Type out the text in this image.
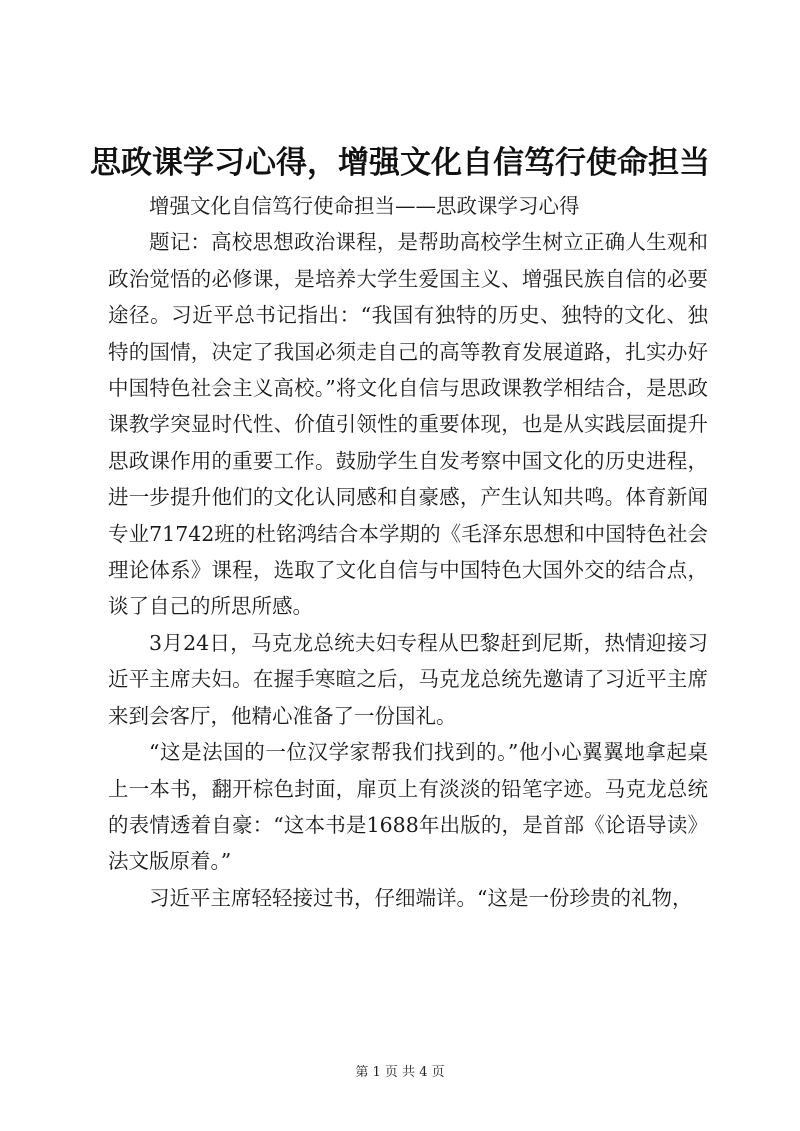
思政课学习心得，增强文化自信笃行使命担当

增强文化自信笃行使命担当——思政课学习心得

题记：高校思想政治课程，是帮助高校学生树立正确人生观和政治觉悟的必修课，是培养大学生爱国主义、增强民族自信的必要途径。习近平总书记指出：“我国有独特的历史、独特的文化、独特的国情，决定了我国必须走自己的高等教育发展道路，扎实办好中国特色社会主义高校。”将文化自信与思政课教学相结合，是思政课教学突显时代性、价值引领性的重要体现，也是从实践层面提升思政课作用的重要工作。鼓励学生自发考察中国文化的历史进程，进一步提升他们的文化认同感和自豪感，产生认知共鸣。体育新闻专业71742班的杜铭鸿结合本学期的《毛泽东思想和中国特色社会理论体系》课程，选取了文化自信与中国特色大国外交的结合点，谈了自己的所思所感。

3月24日，马克龙总统夫妇专程从巴黎赶到尼斯，热情迎接习近平主席夫妇。在握手寒暄之后，马克龙总统先邀请了习近平主席来到会客厅，他精心准备了一份国礼。

“这是法国的一位汉学家帮我们找到的。”他小心翼翼地拿起桌上一本书，翻开棕色封面，扉页上有淡淡的铅笔字迹。马克龙总统的表情透着自豪：“这本书是1688年出版的，是首部《论语导读》法文版原着。”

习近平主席轻轻接过书，仔细端详。“这是一份珍贵的礼物，

第 1 页 共 4 页
